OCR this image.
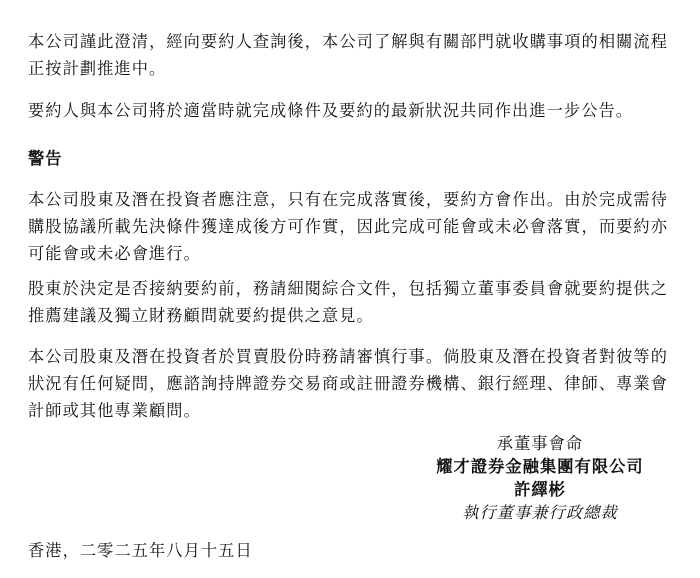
本公司謹此澄清，經向要約人查詢後，本公司了解與有關部門就收購事項的相關流程正按計劃推進中。

要約人與本公司將於適當時就完成條件及要約的最新狀況共同作出進一步公告。

警告

本公司股東及潛在投資者應注意，只有在完成落實後，要約方會作出。由於完成需待購股協議所載先決條件獲達成後方可作實，因此完成可能會或未必會落實，而要約亦可能會或未必會進行。

股東於決定是否接納要約前，務請細閱綜合文件，包括獨立董事委員會就要約提供之推薦建議及獨立財務顧問就要約提供之意見。

本公司股東及潛在投資者於買賣股份時務請審慎行事。倘股東及潛在投資者對彼等的狀況有任何疑問，應諮詢持牌證券交易商或註冊證券機構、銀行經理、律師、專業會計師或其他專業顧問。

承董事會命
耀才證券金融集團有限公司
許繹彬
執行董事兼行政總裁

香港，二零二五年八月十五日
